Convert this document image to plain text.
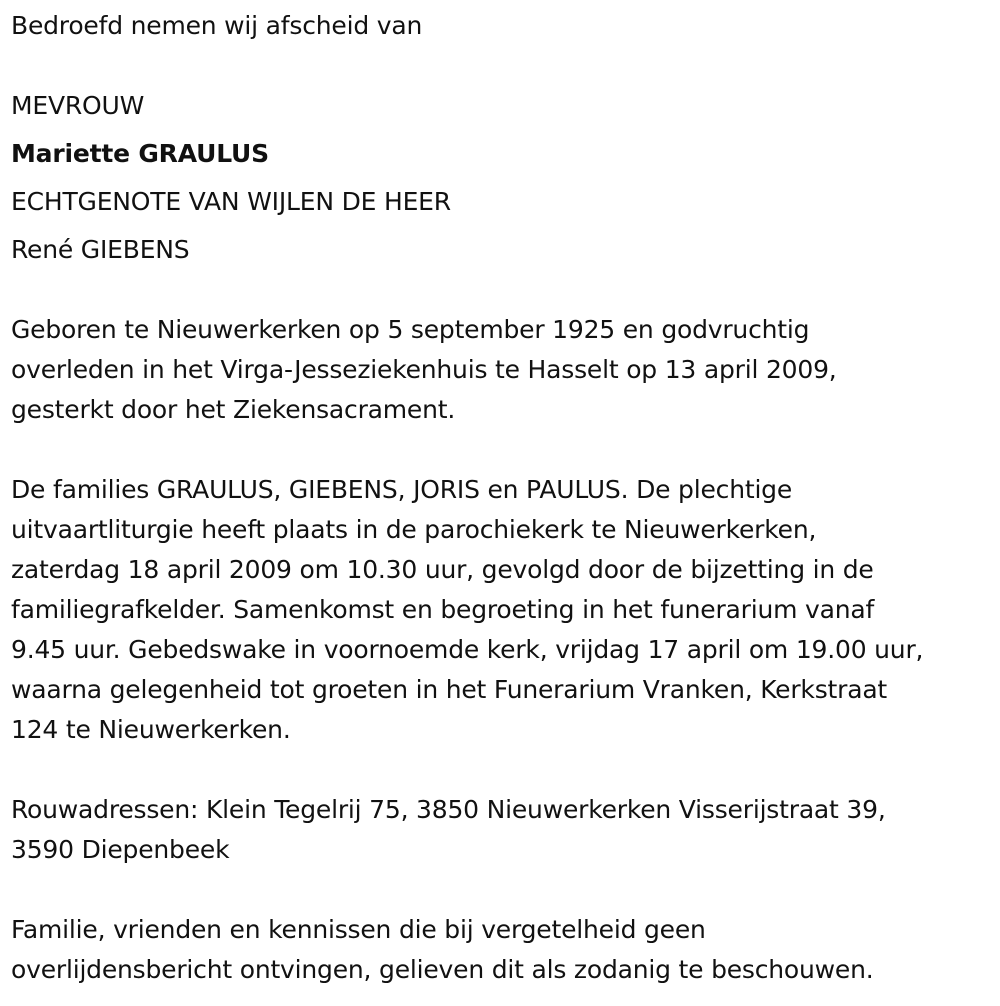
Bedroefd nemen wij afscheid van
MEVROUW
Mariette GRAULUS
ECHTGENOTE VAN WIJLEN DE HEER
René GIEBENS
Geboren te Nieuwerkerken op 5 september 1925 en godvruchtig
overleden in het Virga-Jesseziekenhuis te Hasselt op 13 april 2009,
gesterkt door het Ziekensacrament.
De families GRAULUS, GIEBENS, JORIS en PAULUS. De plechtige
uitvaartliturgie heeft plaats in de parochiekerk te Nieuwerkerken,
zaterdag 18 april 2009 om 10.30 uur, gevolgd door de bijzetting in de
familiegrafkelder. Samenkomst en begroeting in het funerarium vanaf
9.45 uur. Gebedswake in voornoemde kerk, vrijdag 17 april om 19.00 uur,
waarna gelegenheid tot groeten in het Funerarium Vranken, Kerkstraat
124 te Nieuwerkerken.
Rouwadressen: Klein Tegelrij 75, 3850 Nieuwerkerken Visserijstraat 39,
3590 Diepenbeek
Familie, vrienden en kennissen die bij vergetelheid geen
overlijdensbericht ontvingen, gelieven dit als zodanig te beschouwen.
